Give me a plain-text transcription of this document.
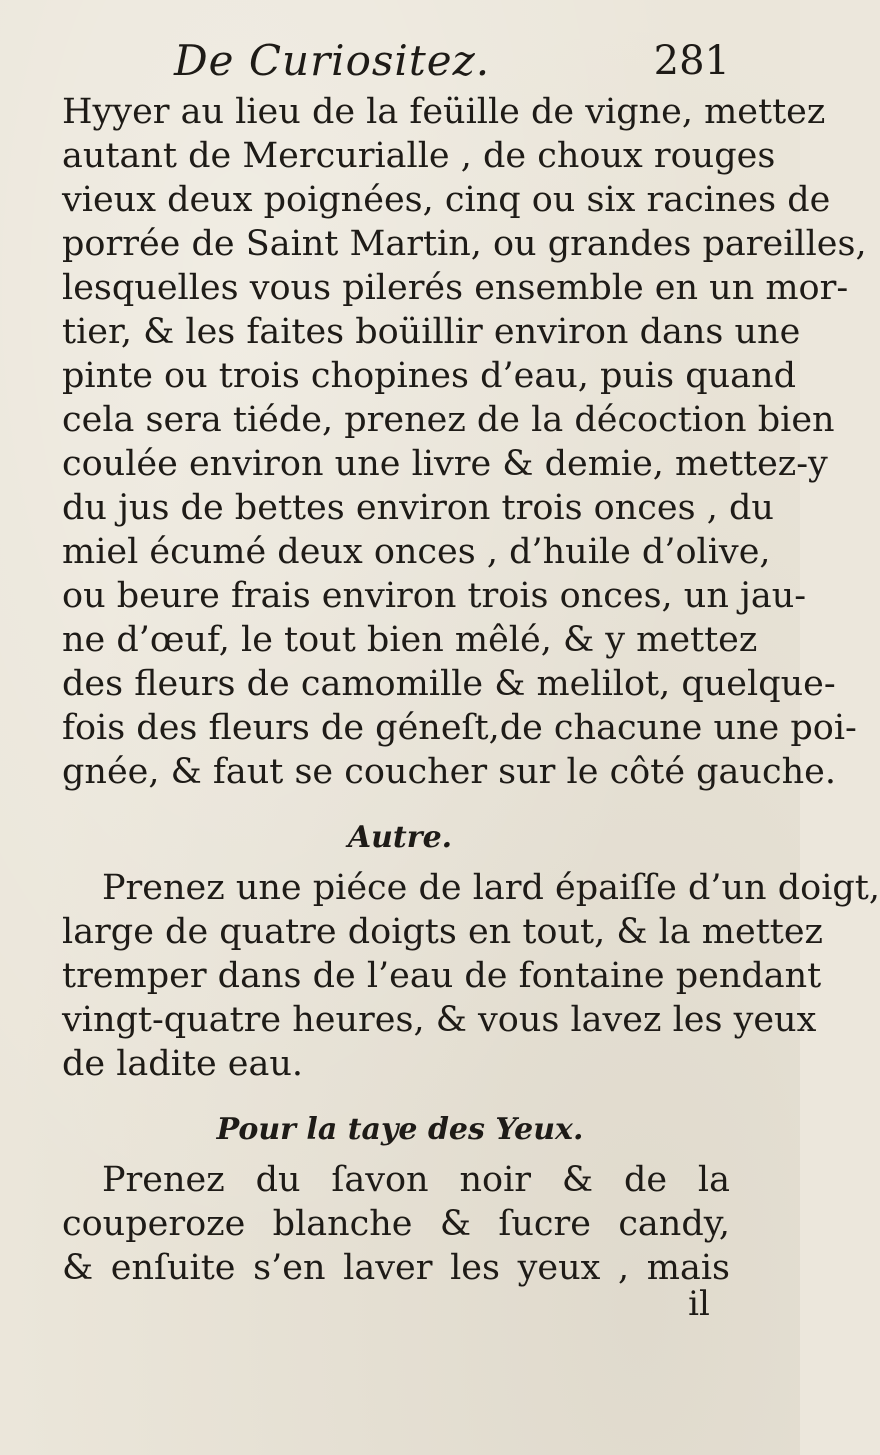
De Curiositez.	281
Hyyer au lieu de la feüille de vigne, mettez
autant de Mercurialle , de choux rouges
vieux deux poignées, cinq ou six racines de
porrée de Saint Martin, ou grandes pareilles,
lesquelles vous pilerés ensemble en un mor-
tier, & les faites boüillir environ dans une
pinte ou trois chopines d’eau, puis quand
cela sera tiéde, prenez de la décoction bien
coulée environ une livre & demie, mettez-y
du jus de bettes environ trois onces , du
miel écumé deux onces , d’huile d’olive,
ou beure frais environ trois onces, un jau-
ne d’œuf, le tout bien mêlé, & y mettez
des fleurs de camomille & melilot, quelque-
fois des fleurs de géneſt,de chacune une poi-
gnée, & faut se coucher sur le côté gauche.
Autre.
Prenez une piéce de lard épaiſſe d’un doigt,
large de quatre doigts en tout, & la mettez
tremper dans de l’eau de fontaine pendant
vingt-quatre heures, & vous lavez les yeux
de ladite eau.
Pour la taye des Yeux.
Prenez du ſavon noir & de la
couperoze blanche & ſucre candy,
& enſuite s’en laver les yeux , mais
il
